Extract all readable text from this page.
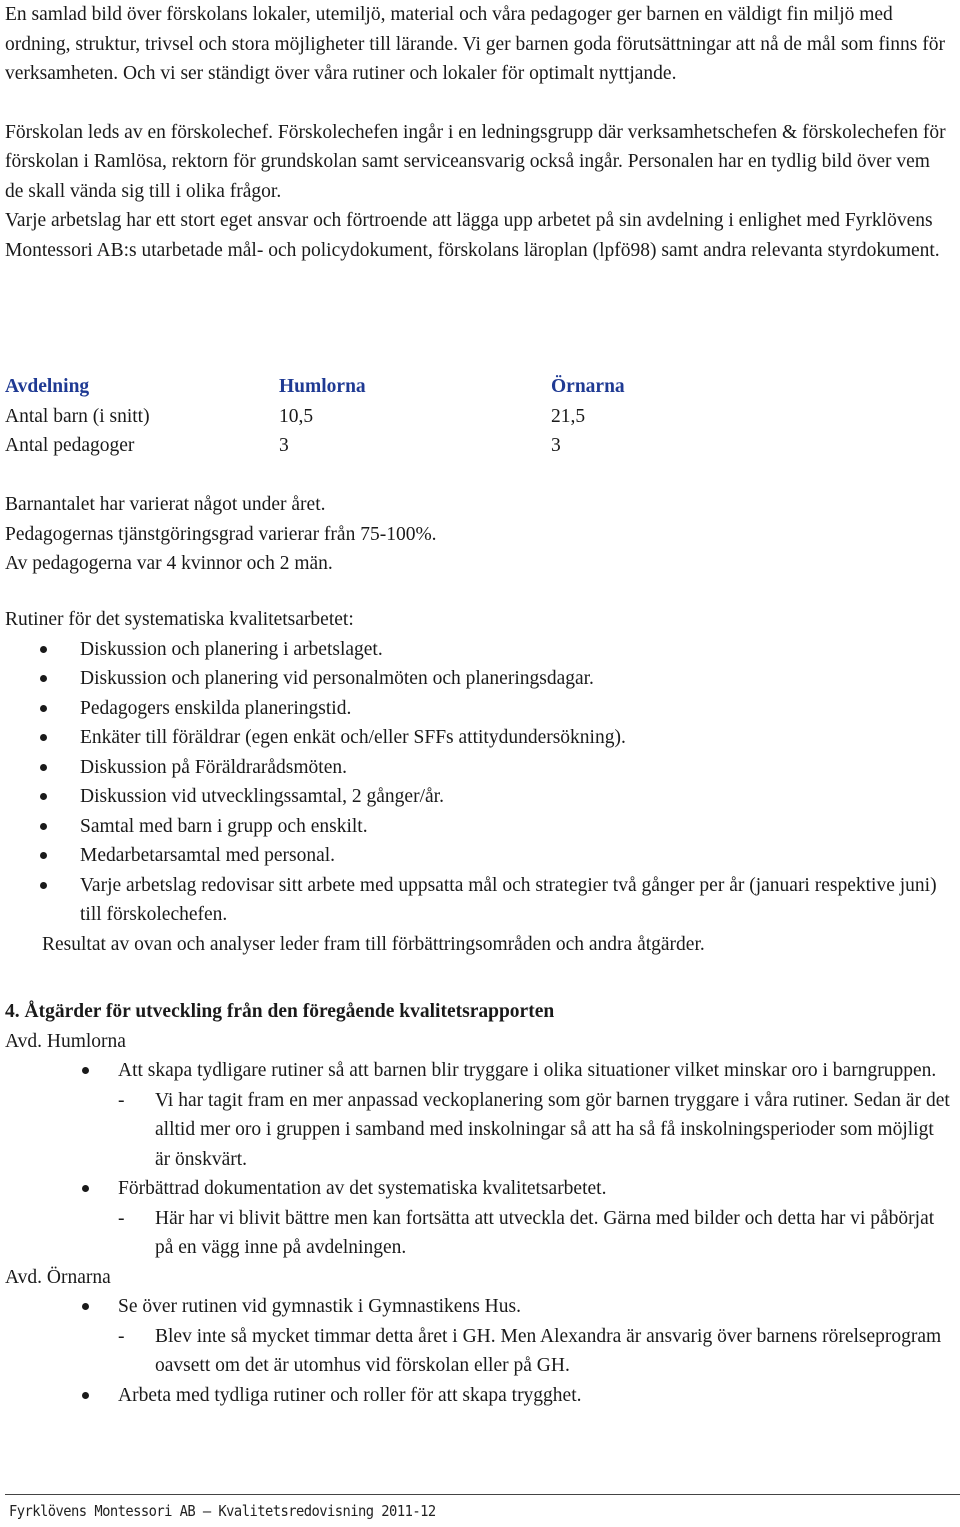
En samlad bild över förskolans lokaler, utemiljö, material och våra pedagoger ger barnen en väldigt fin miljö med ordning, struktur, trivsel och stora möjligheter till lärande. Vi ger barnen goda förutsättningar att nå de mål som finns för verksamheten. Och vi ser ständigt över våra rutiner och lokaler för optimalt nyttjande.

Förskolan leds av en förskolechef. Förskolechefen ingår i en ledningsgrupp där verksamhetschefen & förskolechefen för förskolan i Ramlösa, rektorn för grundskolan samt serviceansvarig också ingår. Personalen har en tydlig bild över vem de skall vända sig till i olika frågor.

Varje arbetslag har ett stort eget ansvar och förtroende att lägga upp arbetet på sin avdelning i enlighet med Fyrklövens Montessori AB:s utarbetade mål- och policydokument, förskolans läroplan (lpfö98) samt andra relevanta styrdokument.

Avdelning	Humlorna	Örnarna
Antal barn (i snitt)	10,5	21,5
Antal pedagoger	3	3

Barnantalet har varierat något under året.

Pedagogernas tjänstgöringsgrad varierar från 75-100%.

Av pedagogerna var 4 kvinnor och 2 män.

Rutiner för det systematiska kvalitetsarbetet:

Diskussion och planering i arbetslaget.
Diskussion och planering vid personalmöten och planeringsdagar.
Pedagogers enskilda planeringstid.
Enkäter till föräldrar (egen enkät och/eller SFFs attitydundersökning).
Diskussion på Föräldrarådsmöten.
Diskussion vid utvecklingssamtal, 2 gånger/år.
Samtal med barn i grupp och enskilt.
Medarbetarsamtal med personal.
Varje arbetslag redovisar sitt arbete med uppsatta mål och strategier två gånger per år (januari respektive juni) till förskolechefen.

Resultat av ovan och analyser leder fram till förbättringsområden och andra åtgärder.

4. Åtgärder för utveckling från den föregående kvalitetsrapporten

Avd. Humlorna

Att skapa tydligare rutiner så att barnen blir tryggare i olika situationer vilket minskar oro i barngruppen.
- Vi har tagit fram en mer anpassad veckoplanering som gör barnen tryggare i våra rutiner. Sedan är det alltid mer oro i gruppen i samband med inskolningar så att ha så få inskolningsperioder som möjligt är önskvärt.
Förbättrad dokumentation av det systematiska kvalitetsarbetet.
- Här har vi blivit bättre men kan fortsätta att utveckla det. Gärna med bilder och detta har vi påbörjat på en vägg inne på avdelningen.

Avd. Örnarna

Se över rutinen vid gymnastik i Gymnastikens Hus.
- Blev inte så mycket timmar detta året i GH. Men Alexandra är ansvarig över barnens rörelseprogram oavsett om det är utomhus vid förskolan eller på GH.
Arbeta med tydliga rutiner och roller för att skapa trygghet.
Fyrklövens Montessori AB – Kvalitetsredovisning 2011-12
